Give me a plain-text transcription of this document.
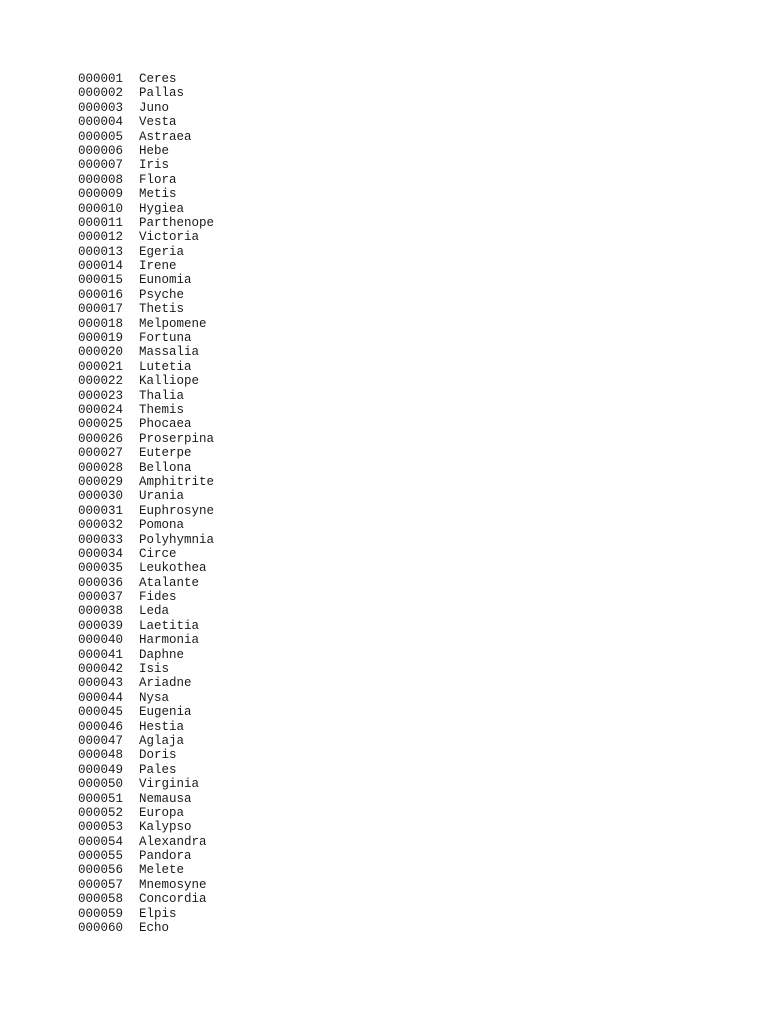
000001 Ceres
000002 Pallas
000003 Juno
000004 Vesta
000005 Astraea
000006 Hebe
000007 Iris
000008 Flora
000009 Metis
000010 Hygiea
000011 Parthenope
000012 Victoria
000013 Egeria
000014 Irene
000015 Eunomia
000016 Psyche
000017 Thetis
000018 Melpomene
000019 Fortuna
000020 Massalia
000021 Lutetia
000022 Kalliope
000023 Thalia
000024 Themis
000025 Phocaea
000026 Proserpina
000027 Euterpe
000028 Bellona
000029 Amphitrite
000030 Urania
000031 Euphrosyne
000032 Pomona
000033 Polyhymnia
000034 Circe
000035 Leukothea
000036 Atalante
000037 Fides
000038 Leda
000039 Laetitia
000040 Harmonia
000041 Daphne
000042 Isis
000043 Ariadne
000044 Nysa
000045 Eugenia
000046 Hestia
000047 Aglaja
000048 Doris
000049 Pales
000050 Virginia
000051 Nemausa
000052 Europa
000053 Kalypso
000054 Alexandra
000055 Pandora
000056 Melete
000057 Mnemosyne
000058 Concordia
000059 Elpis
000060 Echo
